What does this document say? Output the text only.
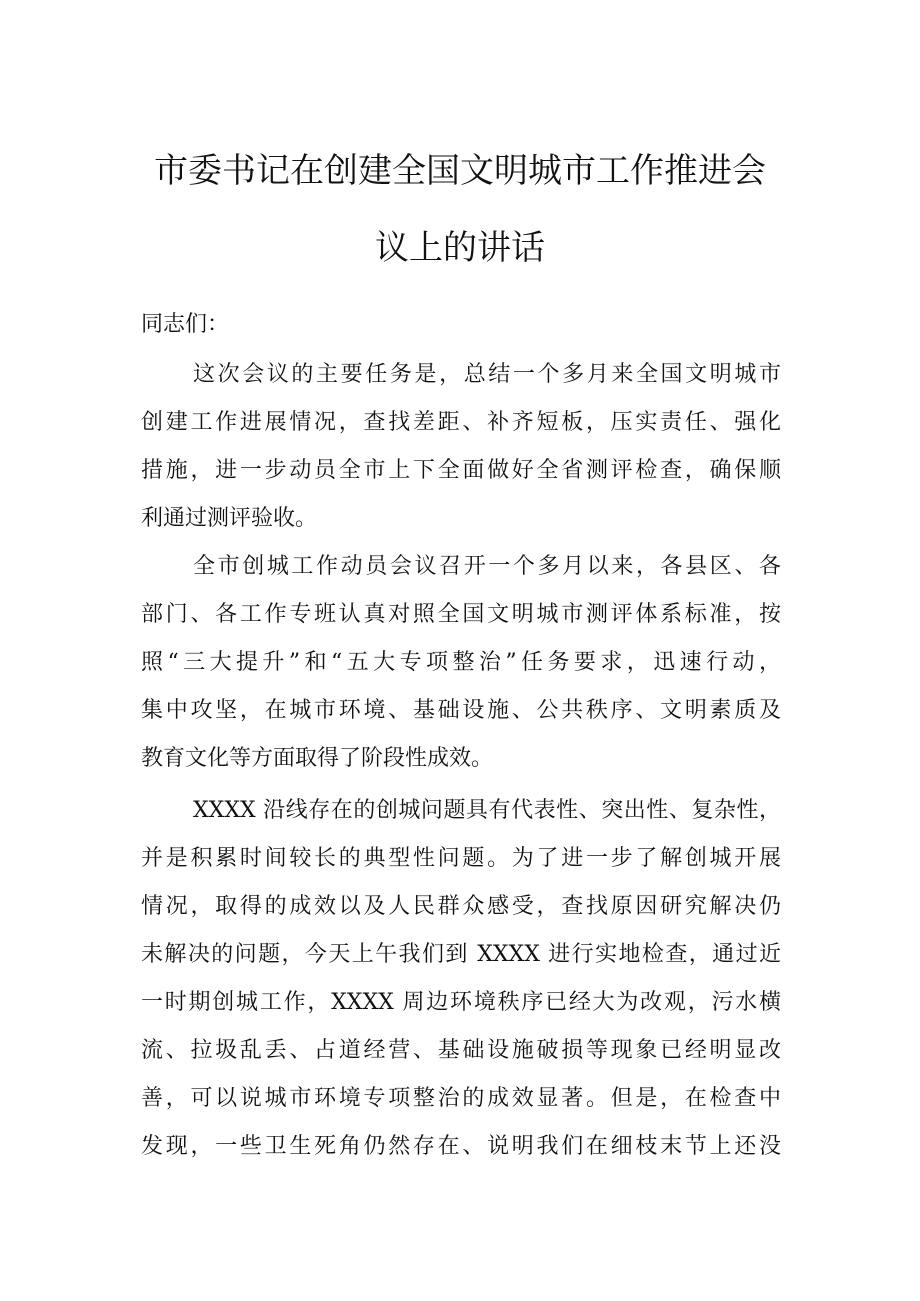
市委书记在创建全国文明城市工作推进会
议上的讲话
同志们：
这次会议的主要任务是，总结一个多月来全国文明城市
创建工作进展情况，查找差距、补齐短板，压实责任、强化
措施，进一步动员全市上下全面做好全省测评检查，确保顺
利通过测评验收。
全市创城工作动员会议召开一个多月以来，各县区、各
部门、各工作专班认真对照全国文明城市测评体系标准，按
照“三大提升”和“五大专项整治”任务要求，迅速行动，
集中攻坚，在城市环境、基础设施、公共秩序、文明素质及
教育文化等方面取得了阶段性成效。
XXXX 沿线存在的创城问题具有代表性、突出性、复杂性，
并是积累时间较长的典型性问题。为了进一步了解创城开展
情况，取得的成效以及人民群众感受，查找原因研究解决仍
未解决的问题，今天上午我们到 XXXX 进行实地检查，通过近
一时期创城工作，XXXX 周边环境秩序已经大为改观，污水横
流、拉圾乱丢、占道经营、基础设施破损等现象已经明显改
善，可以说城市环境专项整治的成效显著。但是，在检查中
发现，一些卫生死角仍然存在、说明我们在细枝末节上还没
